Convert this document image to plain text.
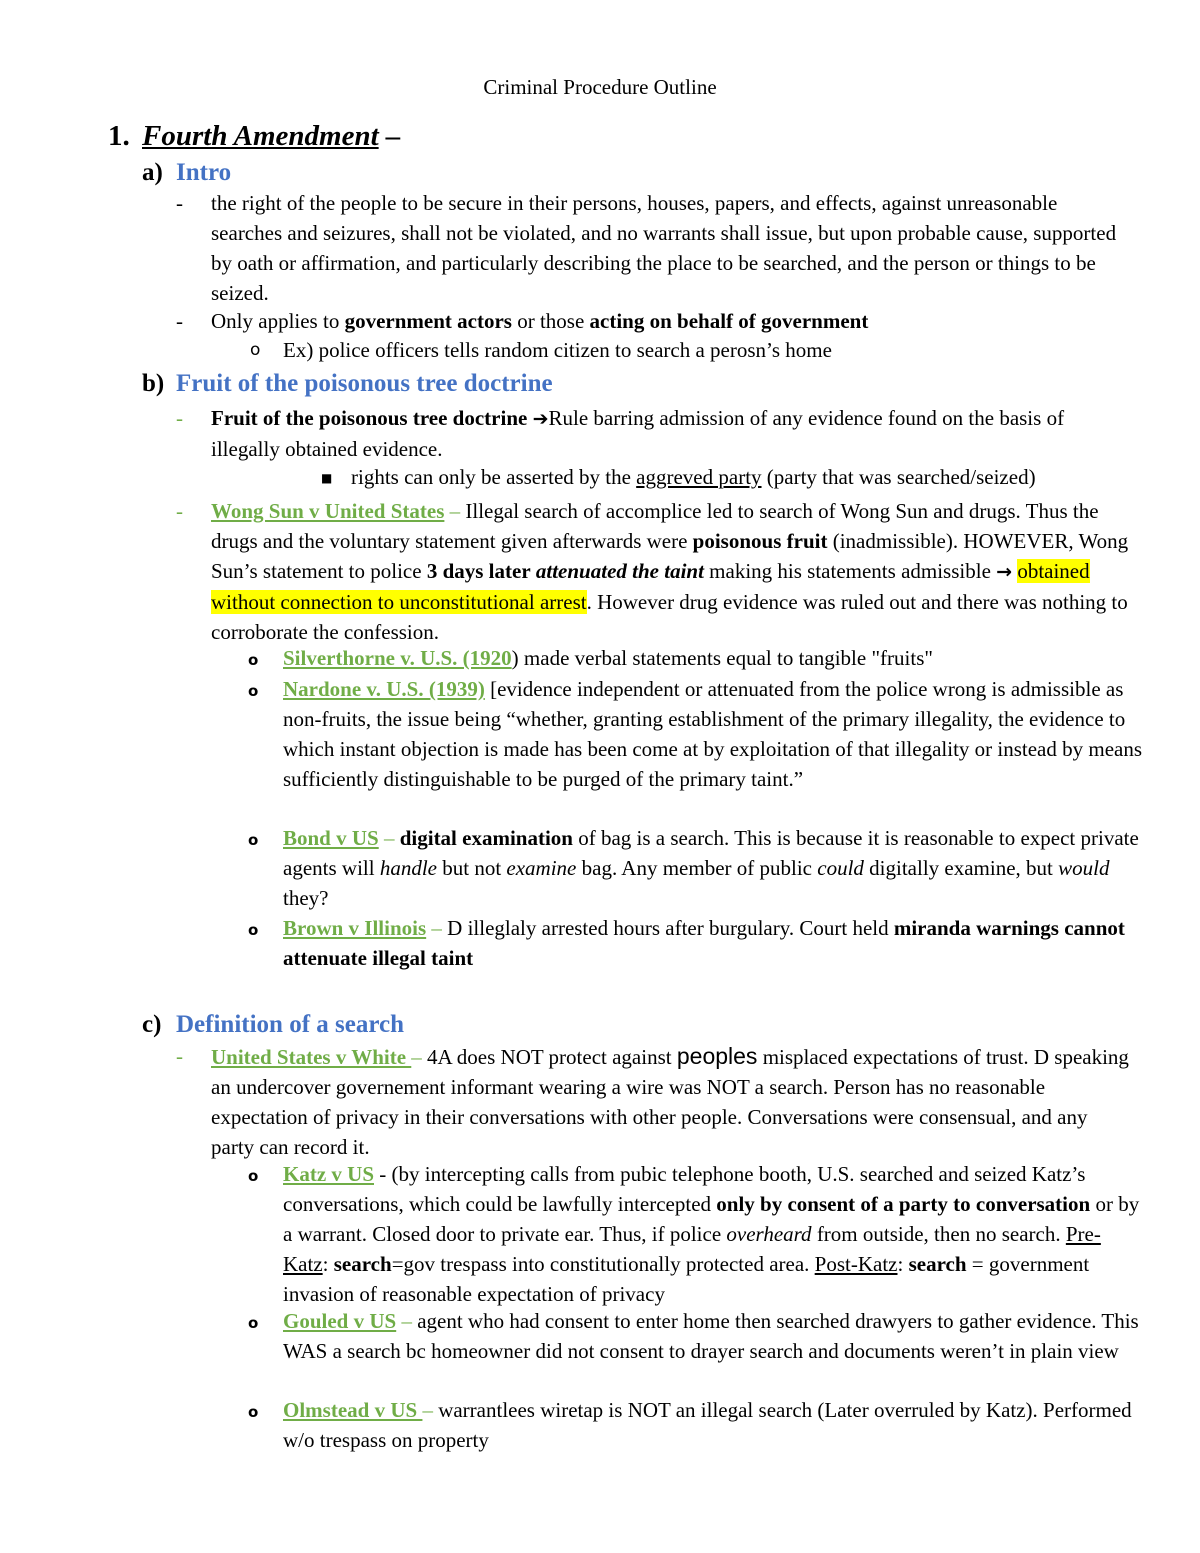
Criminal Procedure Outline
1. Fourth Amendment –
a) Intro
-	the right of the people to be secure in their persons, houses, papers, and effects, against unreasonable searches and seizures, shall not be violated, and no warrants shall issue, but upon probable cause, supported by oath or affirmation, and particularly describing the place to be searched, and the person or things to be seized.
-	Only applies to government actors or those acting on behalf of government
o Ex) police officers tells random citizen to search a perosn’s home
b) Fruit of the poisonous tree doctrine
-	Fruit of the poisonous tree doctrine ➔Rule barring admission of any evidence found on the basis of illegally obtained evidence.
■ rights can only be asserted by the aggreved party (party that was searched/seized)
-	Wong Sun v United States – Illegal search of accomplice led to search of Wong Sun and drugs. Thus the drugs and the voluntary statement given afterwards were poisonous fruit (inadmissible). HOWEVER, Wong Sun’s statement to police 3 days later attenuated the taint making his statements admissible → obtained without connection to unconstitutional arrest. However drug evidence was ruled out and there was nothing to corroborate the confession.
o	Silverthorne v. U.S. (1920) made verbal statements equal to tangible "fruits"
o	Nardone v. U.S. (1939) [evidence independent or attenuated from the police wrong is admissible as non-fruits, the issue being “whether, granting establishment of the primary illegality, the evidence to which instant objection is made has been come at by exploitation of that illegality or instead by means sufficiently distinguishable to be purged of the primary taint.”
o	Bond v US – digital examination of bag is a search. This is because it is reasonable to expect private agents will handle but not examine bag. Any member of public could digitally examine, but would they?
o	Brown v Illinois – D illeglaly arrested hours after burgulary. Court held miranda warnings cannot attenuate illegal taint
c) Definition of a search
-	United States v White – 4A does NOT protect against peoples misplaced expectations of trust. D speaking an undercover governement informant wearing a wire was NOT a search. Person has no reasonable expectation of privacy in their conversations with other people. Conversations were consensual, and any party can record it.
o	Katz v US - (by intercepting calls from pubic telephone booth, U.S. searched and seized Katz’s conversations, which could be lawfully intercepted only by consent of a party to conversation or by a warrant. Closed door to private ear. Thus, if police overheard from outside, then no search. Pre-Katz: search=gov trespass into constitutionally protected area. Post-Katz: search = government invasion of reasonable expectation of privacy
o	Gouled v US – agent who had consent to enter home then searched drawyers to gather evidence. This WAS a search bc homeowner did not consent to drayer search and documents weren’t in plain view
o	Olmstead v US – warrantlees wiretap is NOT an illegal search (Later overruled by Katz). Performed w/o trespass on property
